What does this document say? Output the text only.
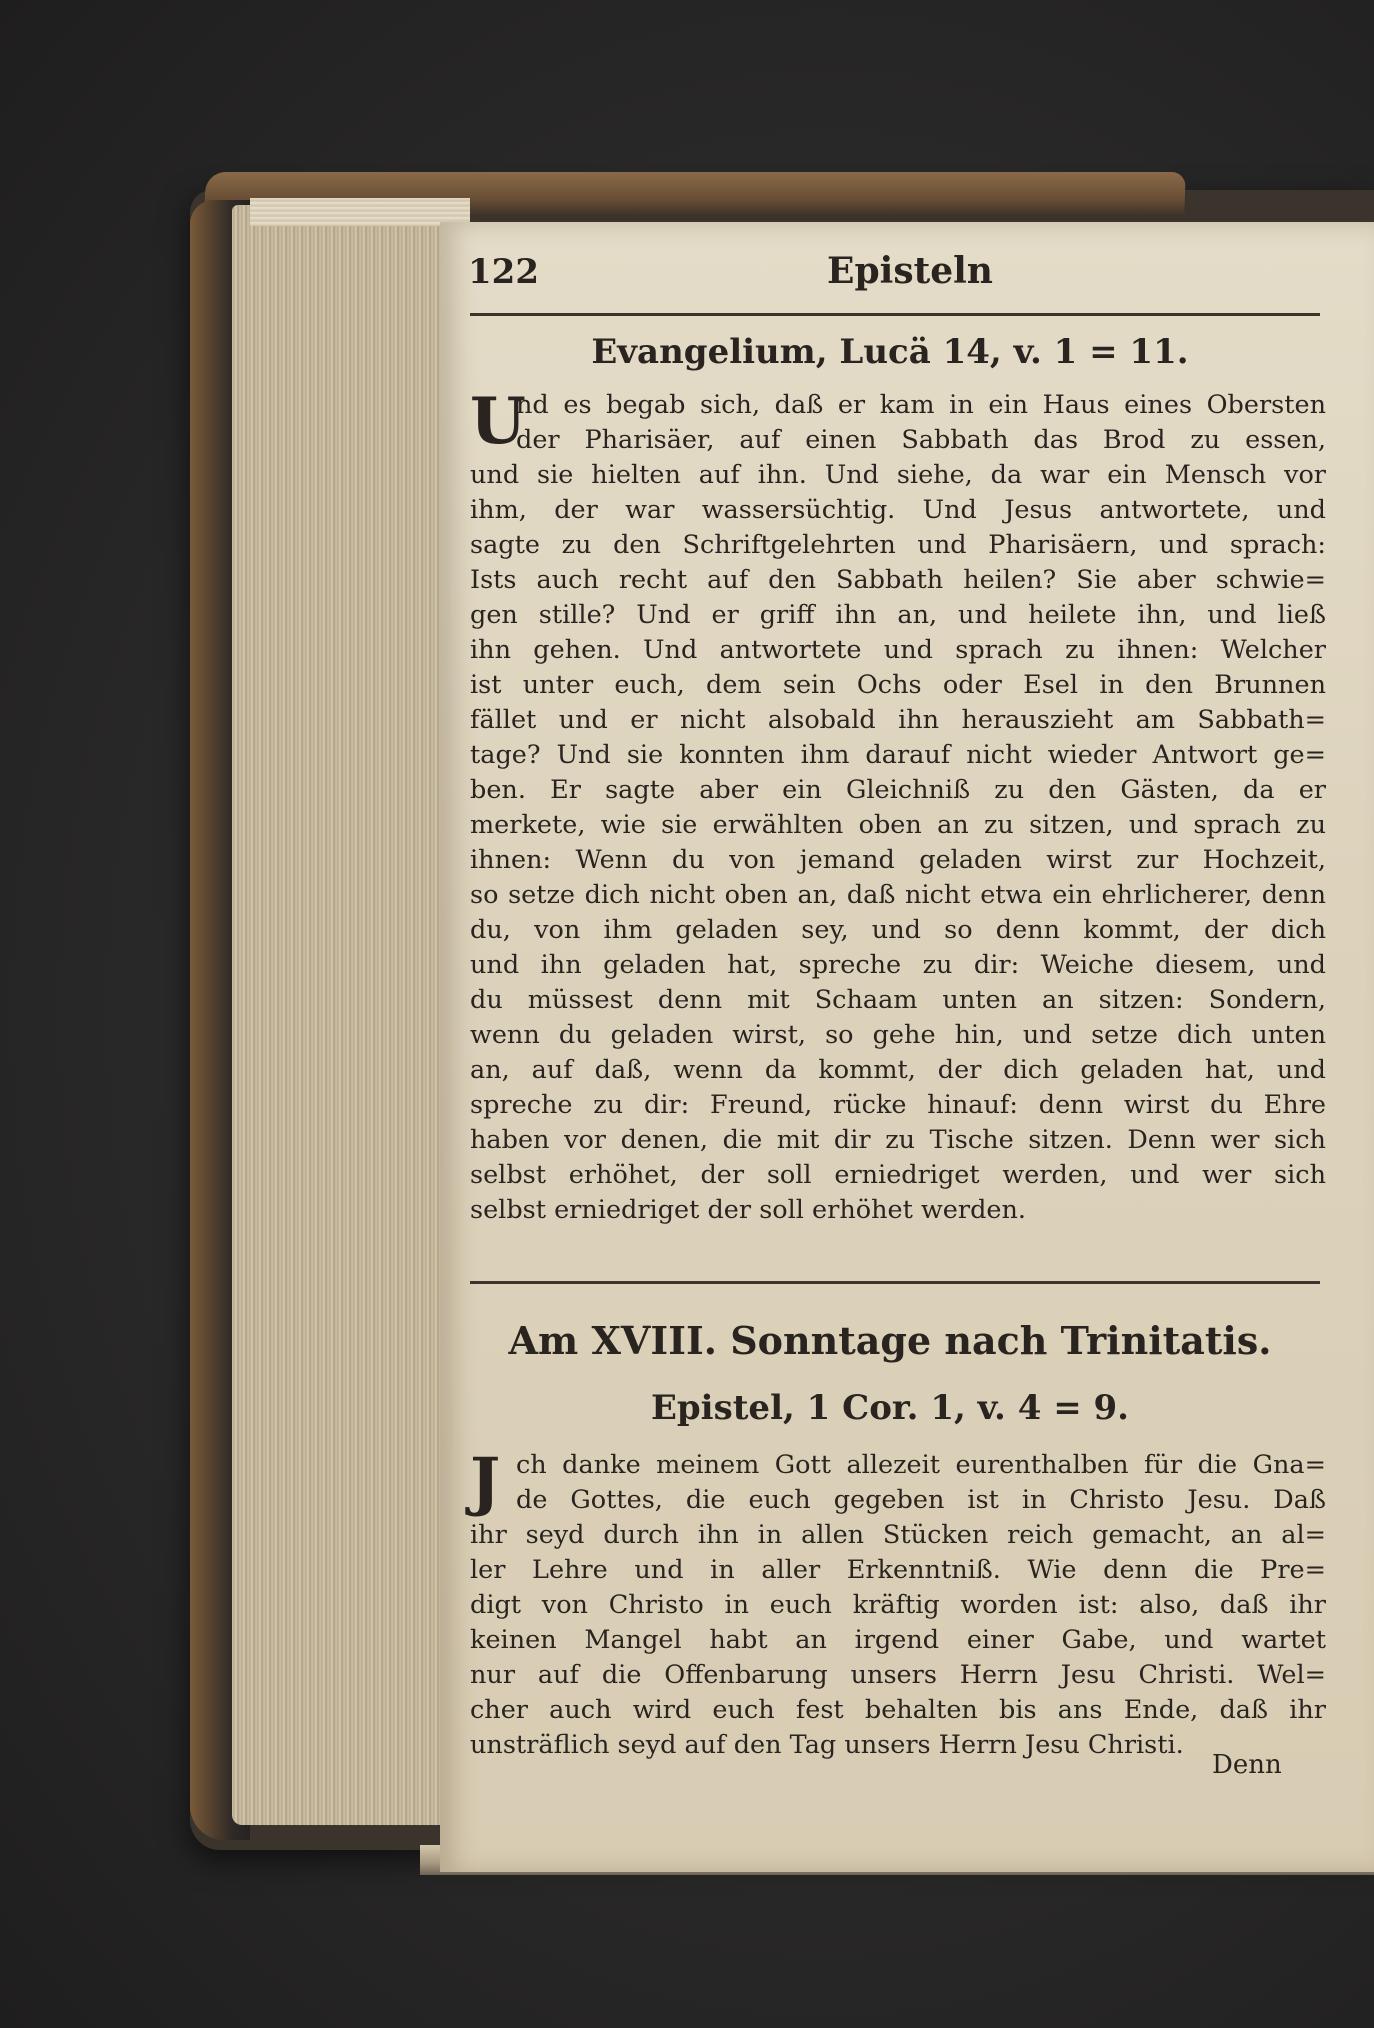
122	Episteln
Evangelium, Lucä 14, v. 1 = 11.
U
nd es begab sich, daß er kam in ein Haus eines Obersten
der Pharisäer, auf einen Sabbath das Brod zu essen,
und sie hielten auf ihn. Und siehe, da war ein Mensch vor
ihm, der war wassersüchtig. Und Jesus antwortete, und
sagte zu den Schriftgelehrten und Pharisäern, und sprach:
Ists auch recht auf den Sabbath heilen? Sie aber schwie=
gen stille? Und er griff ihn an, und heilete ihn, und ließ
ihn gehen. Und antwortete und sprach zu ihnen: Welcher
ist unter euch, dem sein Ochs oder Esel in den Brunnen
fället und er nicht alsobald ihn herauszieht am Sabbath=
tage? Und sie konnten ihm darauf nicht wieder Antwort ge=
ben. Er sagte aber ein Gleichniß zu den Gästen, da er
merkete, wie sie erwählten oben an zu sitzen, und sprach zu
ihnen: Wenn du von jemand geladen wirst zur Hochzeit,
so setze dich nicht oben an, daß nicht etwa ein ehrlicherer, denn
du, von ihm geladen sey, und so denn kommt, der dich
und ihn geladen hat, spreche zu dir: Weiche diesem, und
du müssest denn mit Schaam unten an sitzen: Sondern,
wenn du geladen wirst, so gehe hin, und setze dich unten
an, auf daß, wenn da kommt, der dich geladen hat, und
spreche zu dir: Freund, rücke hinauf: denn wirst du Ehre
haben vor denen, die mit dir zu Tische sitzen. Denn wer sich
selbst erhöhet, der soll erniedriget werden, und wer sich
selbst erniedriget der soll erhöhet werden.
Am XVIII. Sonntage nach Trinitatis.
Epistel, 1 Cor. 1, v. 4 = 9.
J ch danke meinem Gott allezeit eurenthalben für die Gna=
de Gottes, die euch gegeben ist in Christo Jesu. Daß
ihr seyd durch ihn in allen Stücken reich gemacht, an al=
ler Lehre und in aller Erkenntniß. Wie denn die Pre=
digt von Christo in euch kräftig worden ist: also, daß ihr
keinen Mangel habt an irgend einer Gabe, und wartet
nur auf die Offenbarung unsers Herrn Jesu Christi. Wel=
cher auch wird euch fest behalten bis ans Ende, daß ihr
unsträflich seyd auf den Tag unsers Herrn Jesu Christi.
Denn
